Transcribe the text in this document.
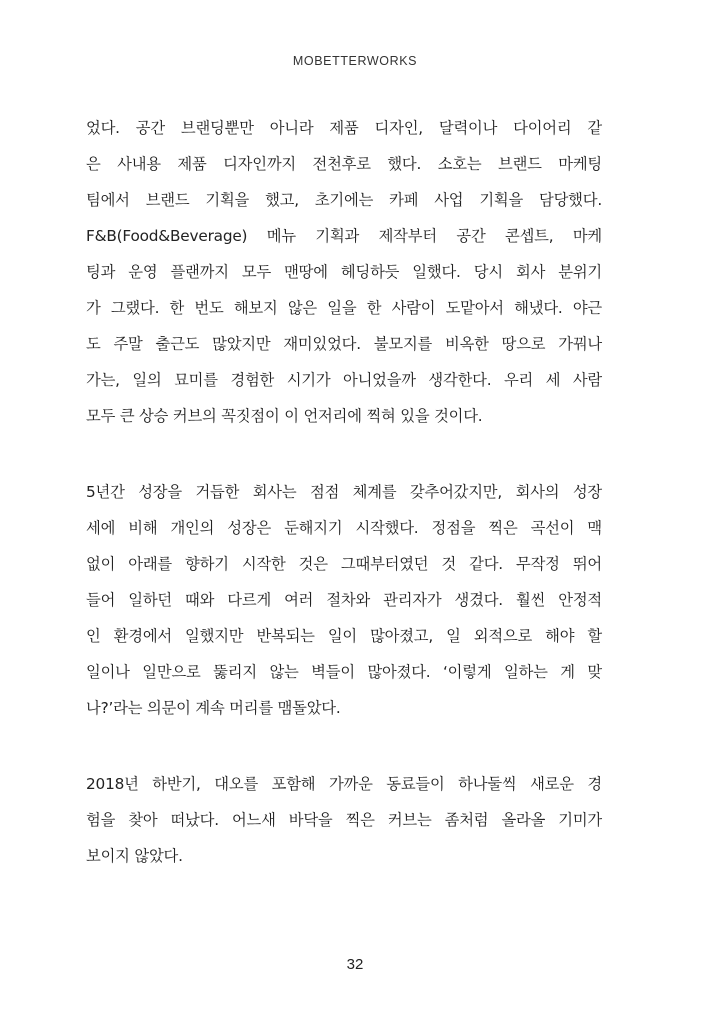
MOBETTERWORKS
었다. 공간 브랜딩뿐만 아니라 제품 디자인, 달력이나 다이어리 같
은 사내용 제품 디자인까지 전천후로 했다. 소호는 브랜드 마케팅
팀에서 브랜드 기획을 했고, 초기에는 카페 사업 기획을 담당했다.
F&B(Food&Beverage) 메뉴 기획과 제작부터 공간 콘셉트, 마케
팅과 운영 플랜까지 모두 맨땅에 헤딩하듯 일했다. 당시 회사 분위기
가 그랬다. 한 번도 해보지 않은 일을 한 사람이 도맡아서 해냈다. 야근
도 주말 출근도 많았지만 재미있었다. 불모지를 비옥한 땅으로 가꿔나
가는, 일의 묘미를 경험한 시기가 아니었을까 생각한다. 우리 세 사람
모두 큰 상승 커브의 꼭짓점이 이 언저리에 찍혀 있을 것이다.
5년간 성장을 거듭한 회사는 점점 체계를 갖추어갔지만, 회사의 성장
세에 비해 개인의 성장은 둔해지기 시작했다. 정점을 찍은 곡선이 맥
없이 아래를 향하기 시작한 것은 그때부터였던 것 같다. 무작정 뛰어
들어 일하던 때와 다르게 여러 절차와 관리자가 생겼다. 훨씬 안정적
인 환경에서 일했지만 반복되는 일이 많아졌고, 일 외적으로 해야 할
일이나 일만으로 뚫리지 않는 벽들이 많아졌다. ‘이렇게 일하는 게 맞
나?’라는 의문이 계속 머리를 맴돌았다.
2018년 하반기, 대오를 포함해 가까운 동료들이 하나둘씩 새로운 경
험을 찾아 떠났다. 어느새 바닥을 찍은 커브는 좀처럼 올라올 기미가
보이지 않았다.
32
